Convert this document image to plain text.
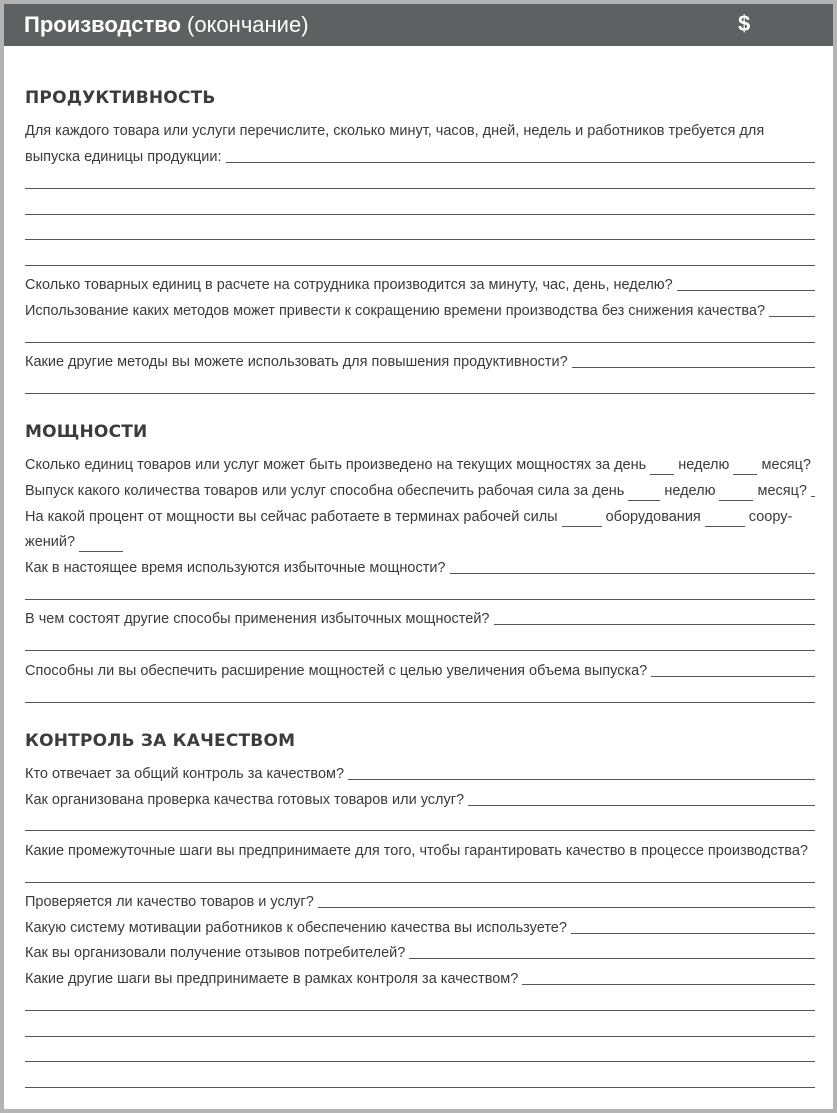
Производство (окончание)	$
ПРОДУКТИВНОСТЬ
Для каждого товара или услуги перечислите, сколько минут, часов, дней, недель и работников требуется для
выпуска единицы продукции:
Сколько товарных единиц в расчете на сотрудника производится за минуту, час, день, неделю?
Использование каких методов может привести к сокращению времени производства без снижения качества?
Какие другие методы вы можете использовать для повышения продуктивности?
МОЩНОСТИ
Сколько единиц товаров или услуг может быть произведено на текущих мощностях за день неделю месяц?
Выпуск какого количества товаров или услуг способна обеспечить рабочая сила за день	неделю	месяц?
На какой процент от мощности вы сейчас работаете в терминах рабочей силы	оборудования	соору-
жений?
Как в настоящее время используются избыточные мощности?
В чем состоят другие способы применения избыточных мощностей?
Способны ли вы обеспечить расширение мощностей с целью увеличения объема выпуска?
КОНТРОЛЬ ЗА КАЧЕСТВОМ
Кто отвечает за общий контроль за качеством?
Как организована проверка качества готовых товаров или услуг?
Какие промежуточные шаги вы предпринимаете для того, чтобы гарантировать качество в процессе производства?
Проверяется ли качество товаров и услуг?
Какую систему мотивации работников к обеспечению качества вы используете?
Как вы организовали получение отзывов потребителей?
Какие другие шаги вы предпринимаете в рамках контроля за качеством?
